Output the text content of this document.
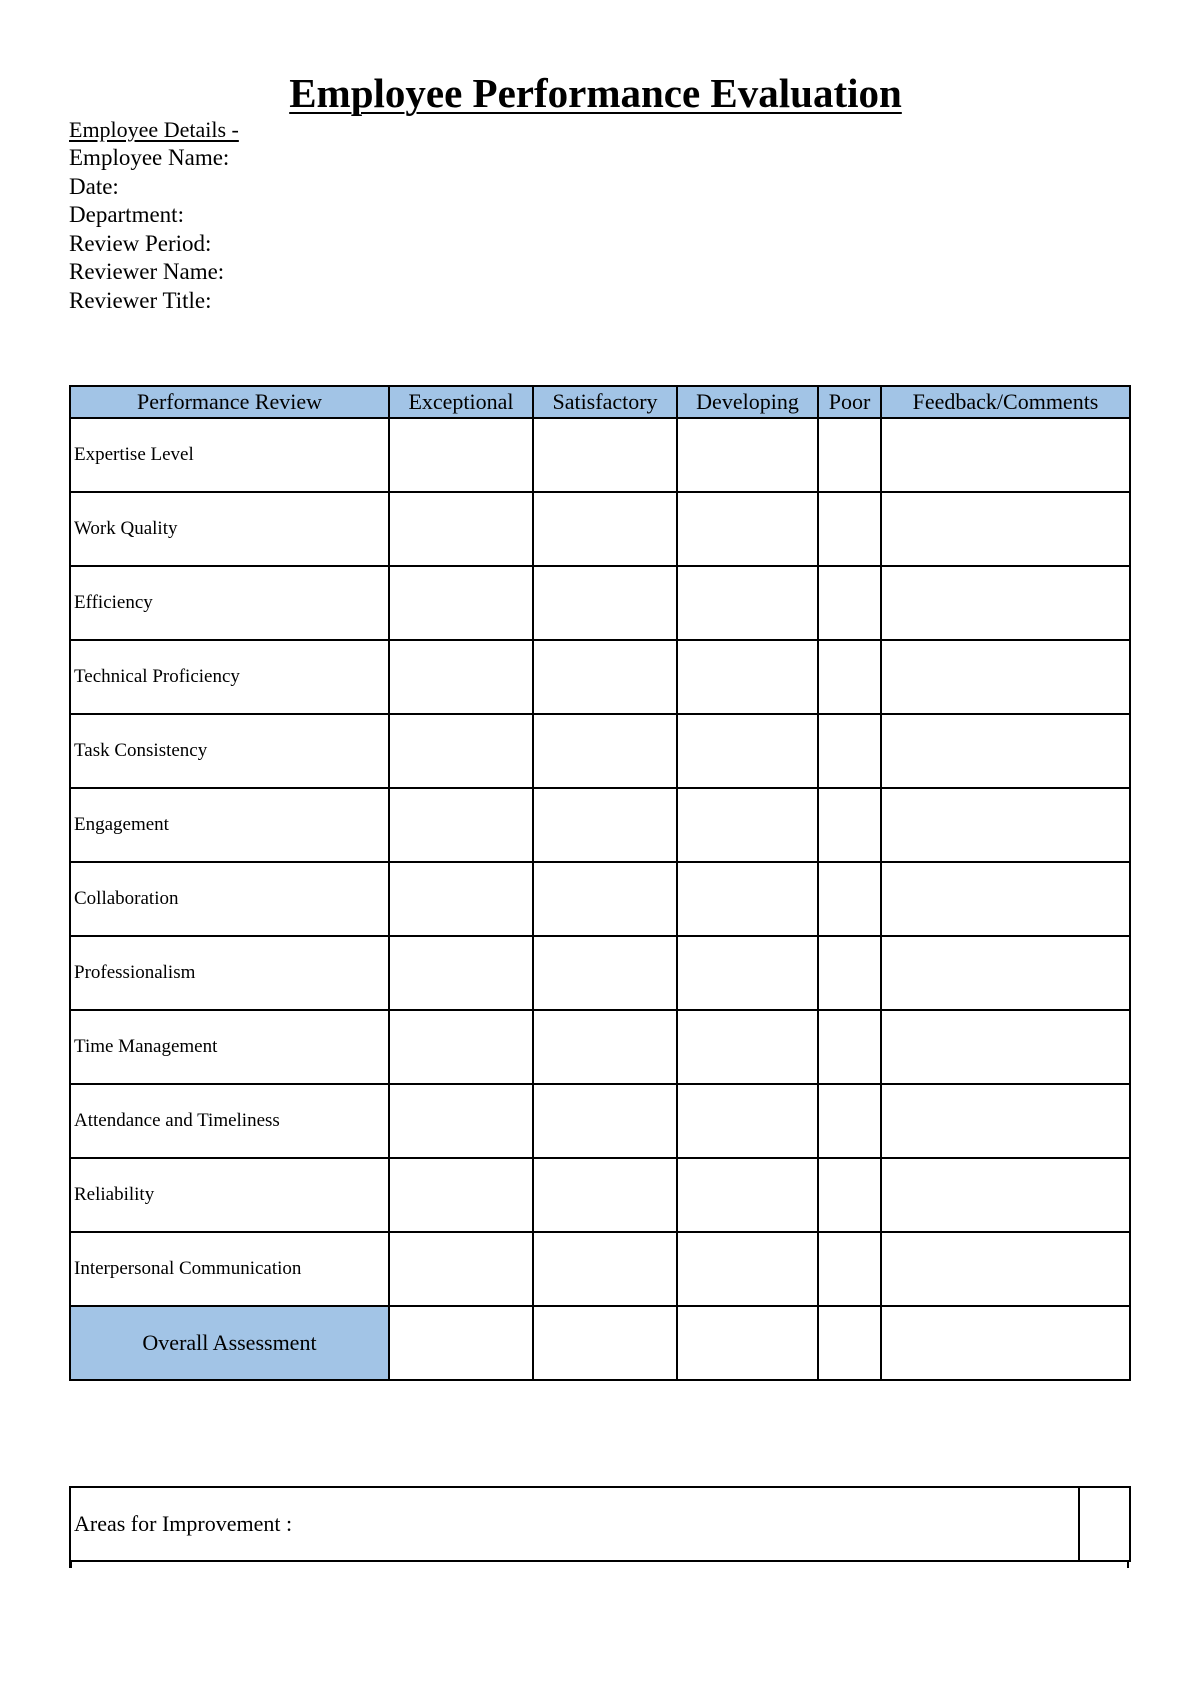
Employee Performance Evaluation
Employee Details -
Employee Name:
Date:
Department:
Review Period:
Reviewer Name:
Reviewer Title:
Performance Review	Exceptional	Satisfactory	Developing	Poor	Feedback/Comments
Expertise Level					
Work Quality					
Efficiency					
Technical Proficiency					
Task Consistency					
Engagement					
Collaboration					
Professionalism					
Time Management					
Attendance and Timeliness					
Reliability					
Interpersonal Communication					
Overall Assessment					
Areas for Improvement :	
